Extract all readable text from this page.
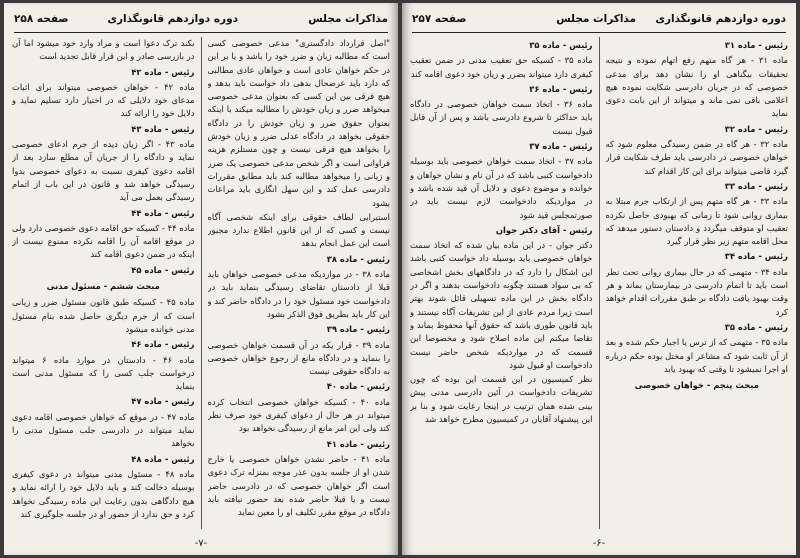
مذاکرات مجلس
دوره دوازدهم قانونگذاری
صفحه ۲۵۸

"اصل قرارداد دادگستری" مدعی خصوصی کسی است که مطالبه زیان و ضرر خود را باشد و یا بر این در حکم خواهان عادی است و خواهان عادی مطالبی که دارد باید عرضحال بدهی داد خواست باید بدهد و هیچ فرقی بین این کسی که بعنوان مدعی خصوصی میخواهد ضرر و زیان خودش را مطالبه میکند با اینکه بعنوان حقوق ضرر و زیان خودش را در دادگاه حقوقی بخواهد در دادگاه عدلی ضرر و زیان خودش را بخواهد هیچ فرقی نیست و چون مستلزم هزینه فراوانی است و اگر شخص مدعی خصوصی یک ضرر و زیانی را میخواهد مطالبه کند باید مطابق مقررات دادرسی عمل کند و این سهل انگاری باید مراعات بشود

استبرایی لطاف حقوقی برای اینکه شخصی آگاه نیست و کسی که از این قانون اطلاع ندارد مجبور است این عمل انجام بدهد

رئیس - ماده ۳۸

ماده ۳۸ - در مواردیکه مدعی خصوصی خواهان باید قبلا از دادستان تقاضای رسیدگی بنماید باید در دادخواست خود مسئول خود را در دادگاه حاضر کند و این کار باید بطریق فوق الذکر بشود

رئیس - ماده ۳۹

ماده ۳۹ - قرار یکه در آن قسمت خواهان خصوصی را بنماید و در دادگاه مانع از رجوع خواهان خصوصی به دادگاه حقوقی نیست

رئیس - ماده ۴۰

ماده ۴۰ - کسیکه خواهان خصوصی انتخاب کرده میتواند در هر حال از دعوای کیفری خود صرف نظر کند ولی این امر مانع از رسیدگی نخواهد بود

رئیس - ماده ۴۱

ماده ۴۱ - حاضر نشدن خواهان خصوصی یا خارج شدن او از جلسه بدون عذر موجه بمنزله ترک دعوی است اگر خواهان خصوصی که در دادرسی حاضر نیست و یا قبلا حاضر شده بعد حضور نیافته باید دادگاه در موقع مقرر تکلیف او را معین نماید

بکند ترک دعوا است و مراد وارد خود میشود اما آن در بازرسی صادر و این قرار قابل تجدید است

رئیس - ماده ۴۲

ماده ۴۲ - خواهان خصوصی میتواند برای اثبات مدعای خود دلایلی که در اختیار دارد تسلیم نماید و دلایل خود را ارائه کند

رئیس - ماده ۴۳

ماده ۴۳ - اگر زیان دیده از جرم ادعای خصوصی نماید و دادگاه را از جریان آن مطلع سازد بعد از اقامه دعوی کیفری نسبت به دعوای خصوصی بدوا رسیدگی خواهد شد و قانون در این باب از اتمام رسیدگی بعمل می آید

رئیس - ماده ۴۴

ماده ۴۴ - کسیکه حق اقامه دعوی خصوصی دارد ولی در موقع اقامه آن را اقامه نکرده ممنوع نیست از اینکه در ضمن دعوی اقامه کند

رئیس - ماده ۴۵

مبحث ششم - مسئول مدنی

ماده ۴۵ - کسیکه طبق قانون مسئول ضرر و زیانی است که از جرم دیگری حاصل شده بنام مسئول مدنی خوانده میشود

رئیس - ماده ۴۶

ماده ۴۶ - دادستان در موارد ماده ۶ میتواند درخواست جلب کسی را که مسئول مدنی است بنماید

رئیس - ماده ۴۷

ماده ۴۷ - در موقع که خواهان خصوصی اقامه دعوی نماید میتواند در دادرسی جلب مسئول مدنی را بخواهد

رئیس - ماده ۴۸

ماده ۴۸ - مسئول مدنی میتواند در دعوی کیفری بوسیله دخالت کند و باید دلایل خود را ارائه نماید و هیچ دادگاهی بدون رعایت این ماده رسیدگی نخواهد کرد و حق ندارد از حضور او در جلسه جلوگیری کند

-۷-
دوره دوازدهم قانونگذاری
مذاکرات مجلس
صفحه ۲۵۷

رئیس - ماده ۳۱

ماده ۳۱ - هر گاه متهم رفع اتهام نموده و نتیجه تحقیقات بیگناهی او را نشان دهد برای مدعی خصوصی که در جریان دادرسی شکایت نموده هیچ اعلامی باقی نمی ماند و میتواند از این بابت دعوی نماید

رئیس - ماده ۳۲

ماده ۳۲ - هر گاه در ضمن رسیدگی معلوم شود که خواهان خصوصی در دادرسی باید طرف شکایت قرار گیرد قاضی میتواند برای این کار اقدام کند

رئیس - ماده ۳۳

ماده ۳۳ - هر گاه متهم پس از ارتکاب جرم مبتلا به بیماری روانی شود تا زمانی که بهبودی حاصل نکرده تعقیب او متوقف میگردد و دادستان دستور میدهد که محل اقامه متهم زیر نظر قرار گیرد

رئیس - ماده ۳۴

ماده ۳۴ - متهمی که در حال بیماری روانی تحت نظر است باید تا اتمام دادرسی در بیمارستان بماند و هر وقت بهبود یافت دادگاه بر طبق مقررات اقدام خواهد کرد

رئیس - ماده ۳۵

ماده ۳۵ - متهمی که از ترس یا اجبار حکم شده و بعد از آن ثابت شود که مشاعر او مختل بوده حکم درباره او اجرا نمیشود تا وقتی که بهبود یابد

مبحث پنجم - خواهان خصوصی

رئیس - ماده ۳۵

ماده ۳۵ - کسیکه حق تعقیب مدنی در ضمن تعقیب کیفری دارد میتواند بضرر و زیان خود دعوی اقامه کند

رئیس - ماده ۳۶

ماده ۳۶ - اتخاذ سمت خواهان خصوصی در دادگاه باید حداکثر تا شروع دادرسی باشد و پس از آن قابل قبول نیست

رئیس - ماده ۳۷

ماده ۳۷ - اتخاذ سمت خواهان خصوصی باید بوسیله دادخواست کتبی باشد که در آن نام و نشان خواهان و خوانده و موضوع دعوی و دلایل آن قید شده باشد و در مواردیکه دادخواست لازم نیست باید در صورتمجلس قید شود

رئیس - آقای دکتر جوان

دکتر جوان - در این ماده بیان شده که اتخاذ سمت خواهان خصوصی باید بوسیله داد خواست کتبی باشد این اشکال را دارد که در دادگاههای بخش اشخاصی که بی سواد هستند چگونه دادخواست بدهند و اگر در دادگاه بخش در این ماده تسهیلی قائل شوند بهتر است زیرا مردم عادی از این تشریفات آگاه نیستند و باید قانون طوری باشد که حقوق آنها محفوظ بماند و تقاضا میکنم این ماده اصلاح شود و مخصوصا این قسمت که در مواردیکه شخص حاضر نیست دادخواست او قبول شود

نظر کمیسیون در این قسمت این بوده که چون تشریفات دادخواست در آئین دادرسی مدنی پیش بینی شده همان ترتیب در اینجا رعایت شود و بنا بر این پیشنهاد آقایان در کمیسیون مطرح خواهد شد

-۶-
